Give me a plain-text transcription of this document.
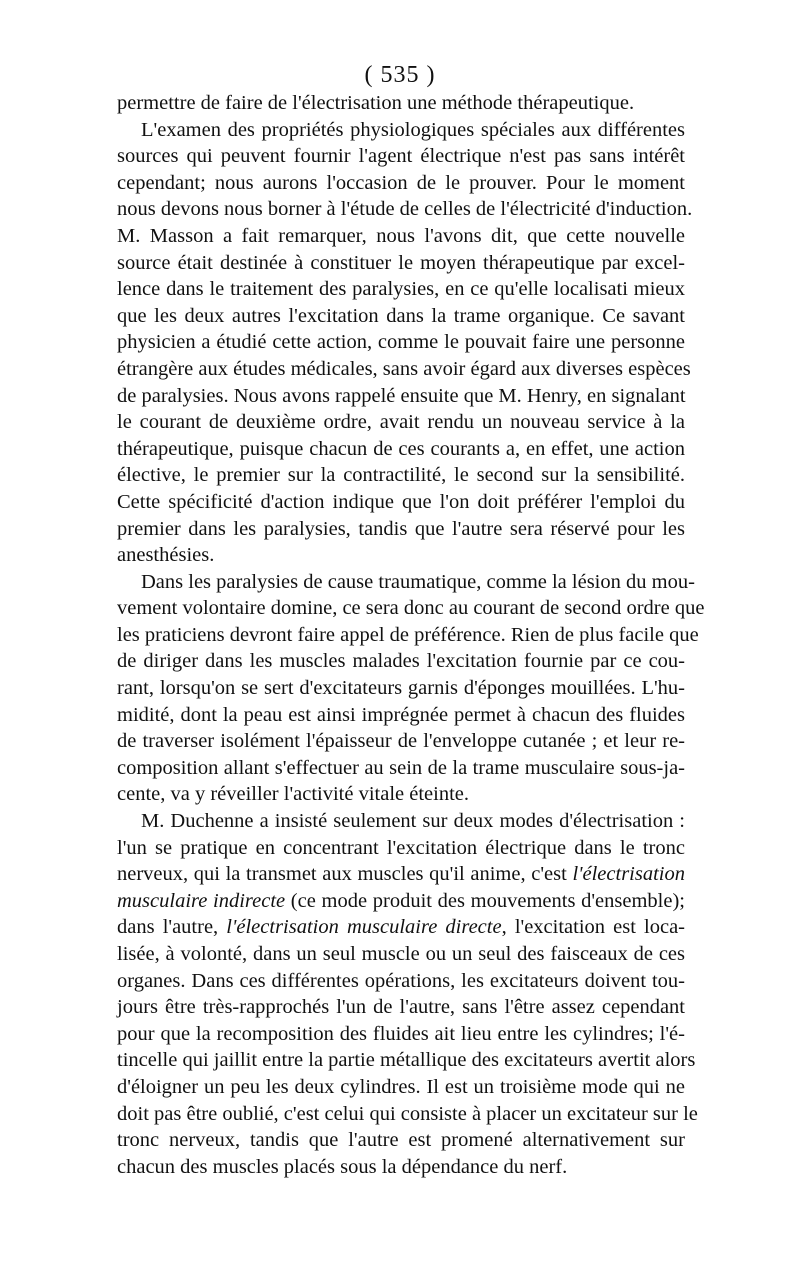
( 535 )
permettre de faire de l'électrisation une méthode thérapeutique.
L'examen des propriétés physiologiques spéciales aux différentes
sources qui peuvent fournir l'agent électrique n'est pas sans intérêt
cependant; nous aurons l'occasion de le prouver. Pour le moment
nous devons nous borner à l'étude de celles de l'électricité d'induction.
M. Masson a fait remarquer, nous l'avons dit, que cette nouvelle
source était destinée à constituer le moyen thérapeutique par excel-
lence dans le traitement des paralysies, en ce qu'elle localisati mieux
que les deux autres l'excitation dans la trame organique. Ce savant
physicien a étudié cette action, comme le pouvait faire une personne
étrangère aux études médicales, sans avoir égard aux diverses espèces
de paralysies. Nous avons rappelé ensuite que M. Henry, en signalant
le courant de deuxième ordre, avait rendu un nouveau service à la
thérapeutique, puisque chacun de ces courants a, en effet, une action
élective, le premier sur la contractilité, le second sur la sensibilité.
Cette spécificité d'action indique que l'on doit préférer l'emploi du
premier dans les paralysies, tandis que l'autre sera réservé pour les
anesthésies.
Dans les paralysies de cause traumatique, comme la lésion du mou-
vement volontaire domine, ce sera donc au courant de second ordre que
les praticiens devront faire appel de préférence. Rien de plus facile que
de diriger dans les muscles malades l'excitation fournie par ce cou-
rant, lorsqu'on se sert d'excitateurs garnis d'éponges mouillées. L'hu-
midité, dont la peau est ainsi imprégnée permet à chacun des fluides
de traverser isolément l'épaisseur de l'enveloppe cutanée ; et leur re-
composition allant s'effectuer au sein de la trame musculaire sous-ja-
cente, va y réveiller l'activité vitale éteinte.
M. Duchenne a insisté seulement sur deux modes d'électrisation :
l'un se pratique en concentrant l'excitation électrique dans le tronc
nerveux, qui la transmet aux muscles qu'il anime, c'est l'électrisation
musculaire indirecte (ce mode produit des mouvements d'ensemble);
dans l'autre, l'électrisation musculaire directe, l'excitation est loca-
lisée, à volonté, dans un seul muscle ou un seul des faisceaux de ces
organes. Dans ces différentes opérations, les excitateurs doivent tou-
jours être très-rapprochés l'un de l'autre, sans l'être assez cependant
pour que la recomposition des fluides ait lieu entre les cylindres; l'é-
tincelle qui jaillit entre la partie métallique des excitateurs avertit alors
d'éloigner un peu les deux cylindres. Il est un troisième mode qui ne
doit pas être oublié, c'est celui qui consiste à placer un excitateur sur le
tronc nerveux, tandis que l'autre est promené alternativement sur
chacun des muscles placés sous la dépendance du nerf.
